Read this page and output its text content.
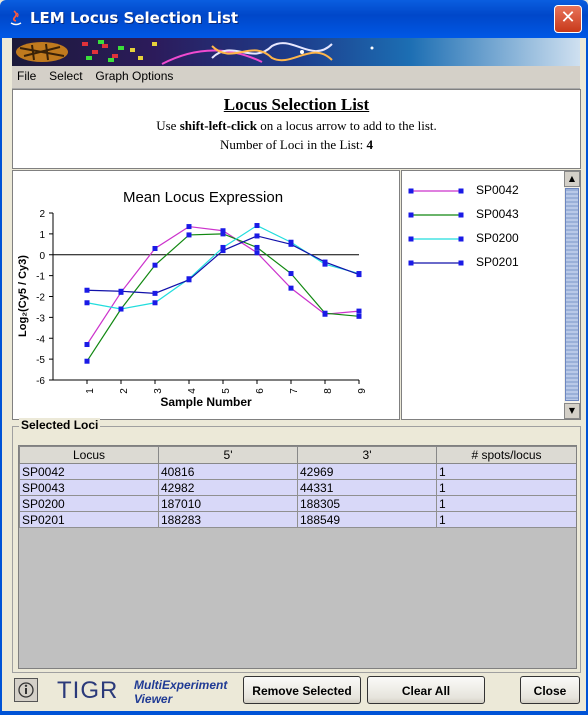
LEM Locus Selection List	✕
File Select Graph Options
Locus Selection List
Use shift-left-click on a locus arrow to add to the list.
Number of Loci in the List: 4
Mean Locus Expression
2
1
0
-1
-2
-3
-4
-5
-6
1 2 3 4 5 6 7 8 9
Sample Number
Log₂(Cy5 / Cy3)
SP0042
SP0043
SP0200
SP0201
▲
▼
Selected Loci
Locus	5'	3'	# spots/locus
SP0042	40816	42969	1
SP0043	42982	44331	1
SP0200	187010	188305	1
SP0201	188283	188549	1
TIGR MultiExperiment
Viewer
Remove Selected	Clear All	Close
